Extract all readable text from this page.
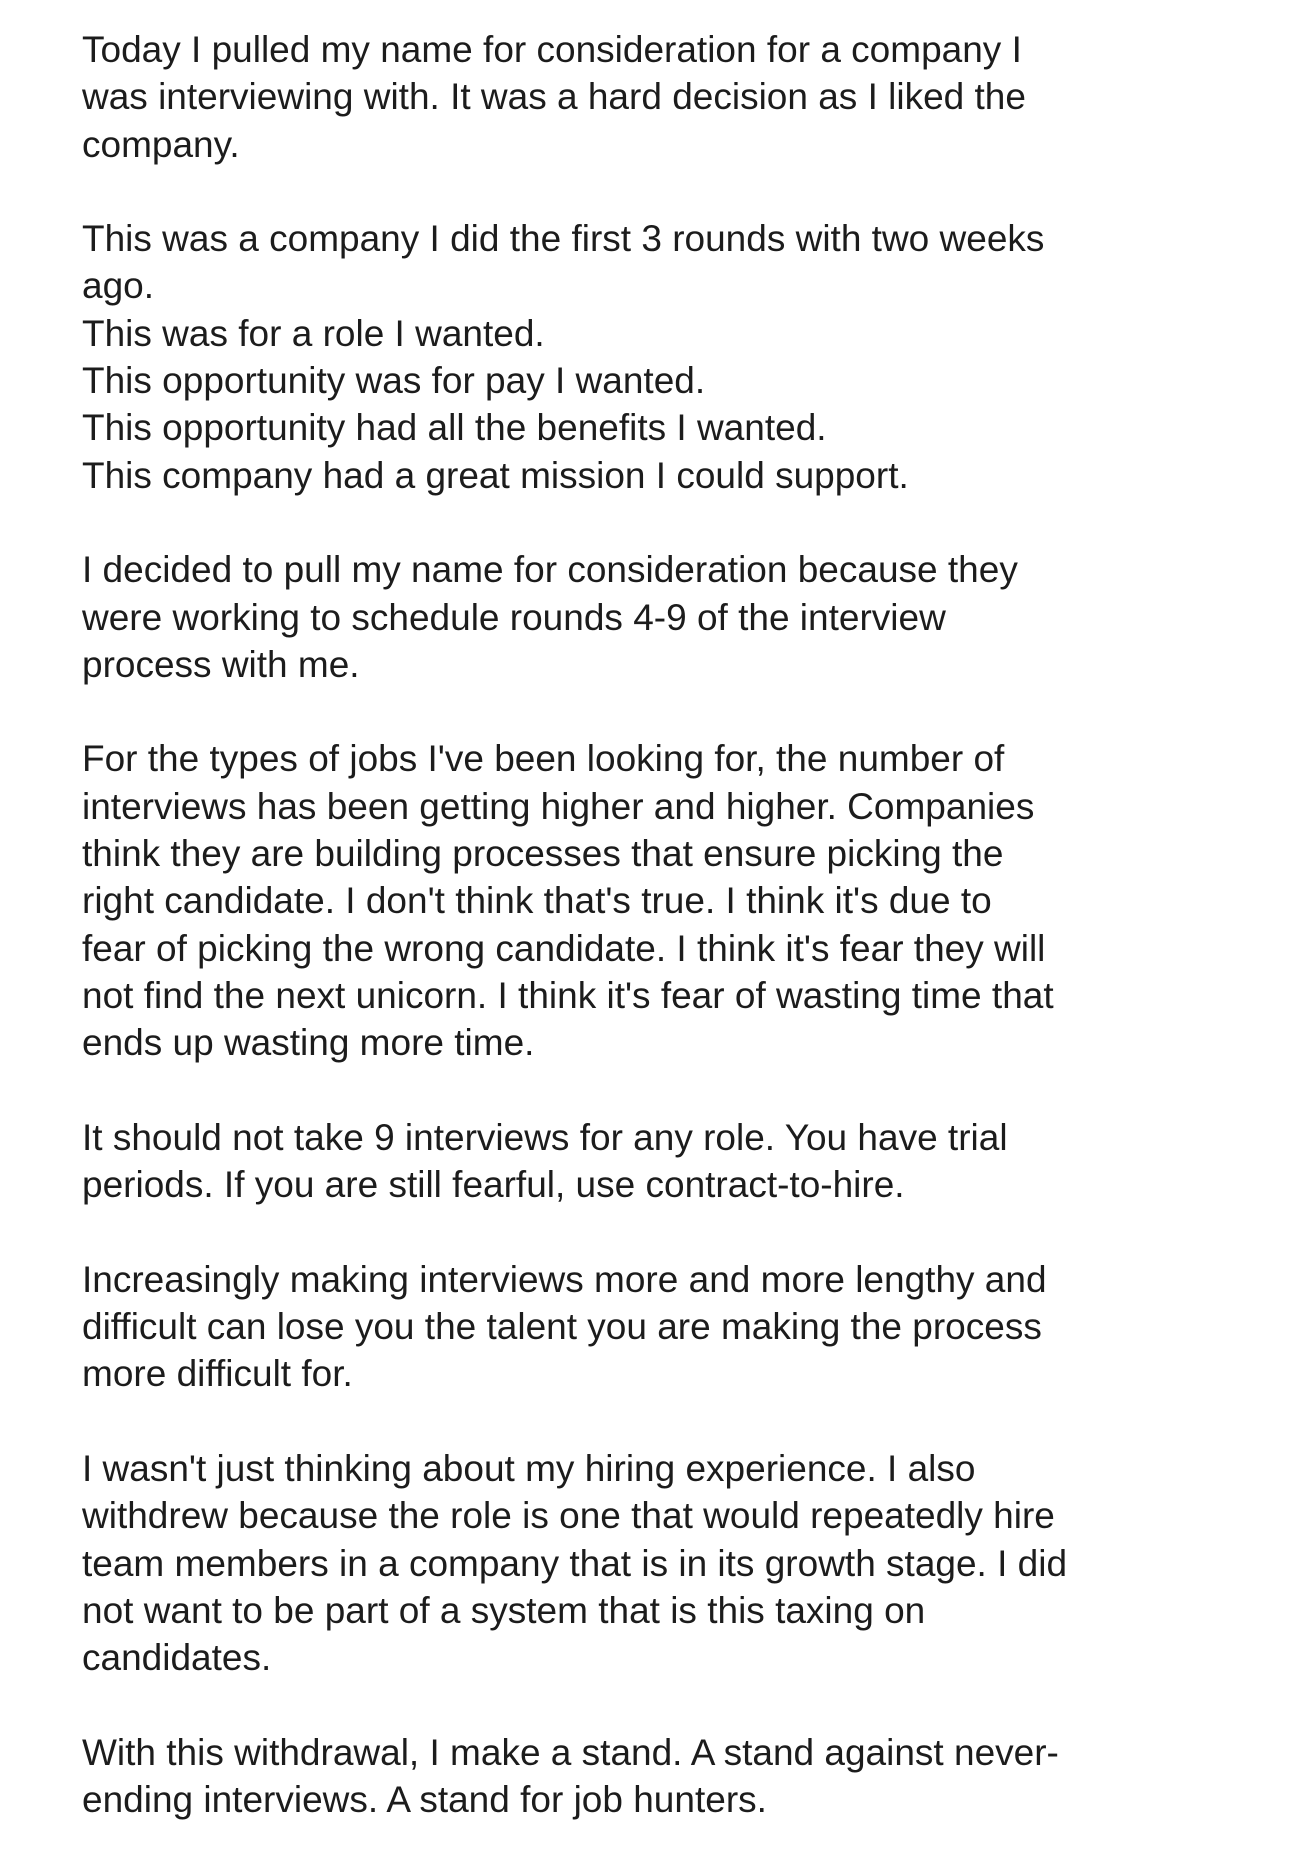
Today I pulled my name for consideration for a company I
was interviewing with. It was a hard decision as I liked the
company.

This was a company I did the first 3 rounds with two weeks
ago.
This was for a role I wanted.
This opportunity was for pay I wanted.
This opportunity had all the benefits I wanted.
This company had a great mission I could support.

I decided to pull my name for consideration because they
were working to schedule rounds 4-9 of the interview
process with me.

For the types of jobs I've been looking for, the number of
interviews has been getting higher and higher. Companies
think they are building processes that ensure picking the
right candidate. I don't think that's true. I think it's due to
fear of picking the wrong candidate. I think it's fear they will
not find the next unicorn. I think it's fear of wasting time that
ends up wasting more time.

It should not take 9 interviews for any role. You have trial
periods. If you are still fearful, use contract-to-hire.

Increasingly making interviews more and more lengthy and
difficult can lose you the talent you are making the process
more difficult for.

I wasn't just thinking about my hiring experience. I also
withdrew because the role is one that would repeatedly hire
team members in a company that is in its growth stage. I did
not want to be part of a system that is this taxing on
candidates.

With this withdrawal, I make a stand. A stand against never-
ending interviews. A stand for job hunters.
